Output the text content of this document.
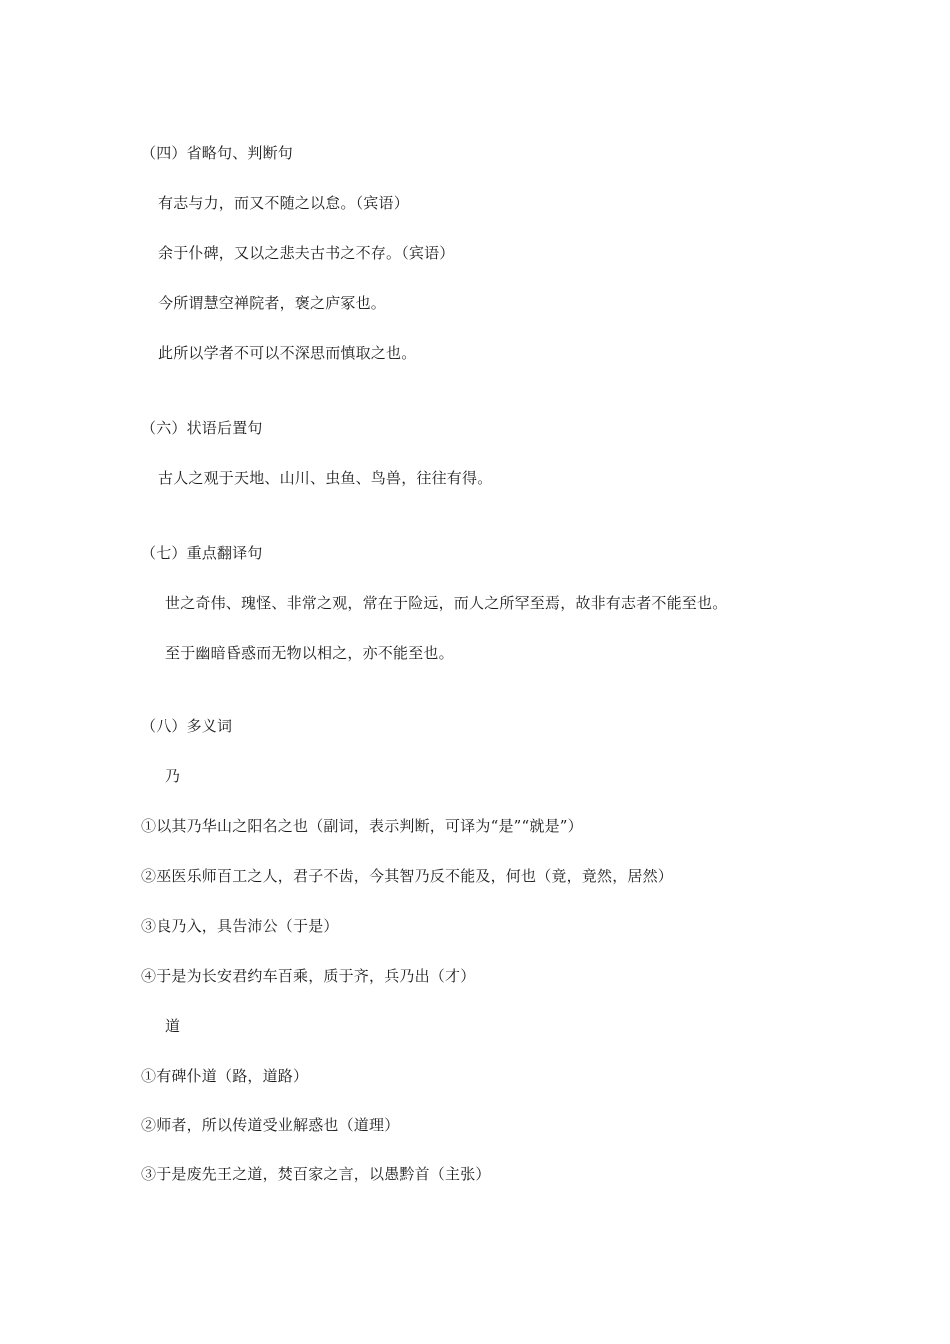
（四）省略句、判断句
有志与力，而又不随之以怠。（宾语）
余于仆碑，又以之悲夫古书之不存。（宾语）
今所谓慧空禅院者，褒之庐冢也。
此所以学者不可以不深思而慎取之也。
（六）状语后置句
古人之观于天地、山川、虫鱼、鸟兽，往往有得。
（七）重点翻译句
世之奇伟、瑰怪、非常之观，常在于险远，而人之所罕至焉，故非有志者不能至也。
至于幽暗昏惑而无物以相之，亦不能至也。
（八）多义词
乃
①以其乃华山之阳名之也（副词，表示判断，可译为“是”“就是”）
②巫医乐师百工之人，君子不齿，今其智乃反不能及，何也（竟，竟然，居然）
③良乃入，具告沛公（于是）
④于是为长安君约车百乘，质于齐，兵乃出（才）
道
①有碑仆道（路，道路）
②师者，所以传道受业解惑也（道理）
③于是废先王之道，焚百家之言，以愚黔首（主张）
